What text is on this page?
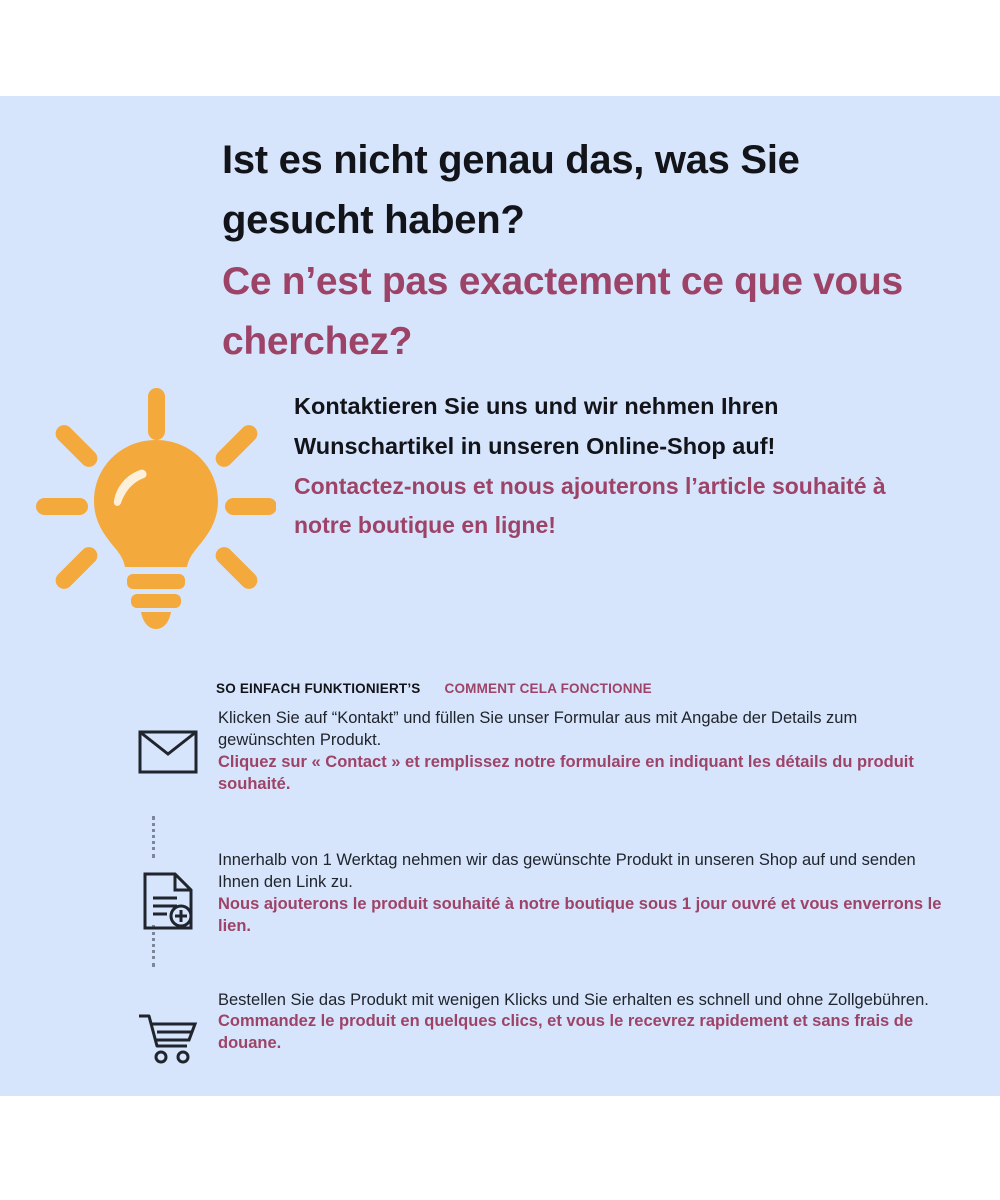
Ist es nicht genau das, was Sie gesucht haben?
Ce n’est pas exactement ce que vous cherchez?
Kontaktieren Sie uns und wir nehmen Ihren Wunschartikel in unseren Online-Shop auf!
Contactez-nous et nous ajouterons l’article souhaité à notre boutique en ligne!
SO EINFACH FUNKTIONIERT’S COMMENT CELA FONCTIONNE
Klicken Sie auf “Kontakt” und füllen Sie unser Formular aus mit Angabe der Details zum gewünschten Produkt.
Cliquez sur « Contact » et remplissez notre formulaire en indiquant les détails du produit souhaité.
Innerhalb von 1 Werktag nehmen wir das gewünschte Produkt in unseren Shop auf und senden Ihnen den Link zu.
Nous ajouterons le produit souhaité à notre boutique sous 1 jour ouvré et vous enverrons le lien.
Bestellen Sie das Produkt mit wenigen Klicks und Sie erhalten es schnell und ohne Zollgebühren.
Commandez le produit en quelques clics, et vous le recevrez rapidement et sans frais de douane.
